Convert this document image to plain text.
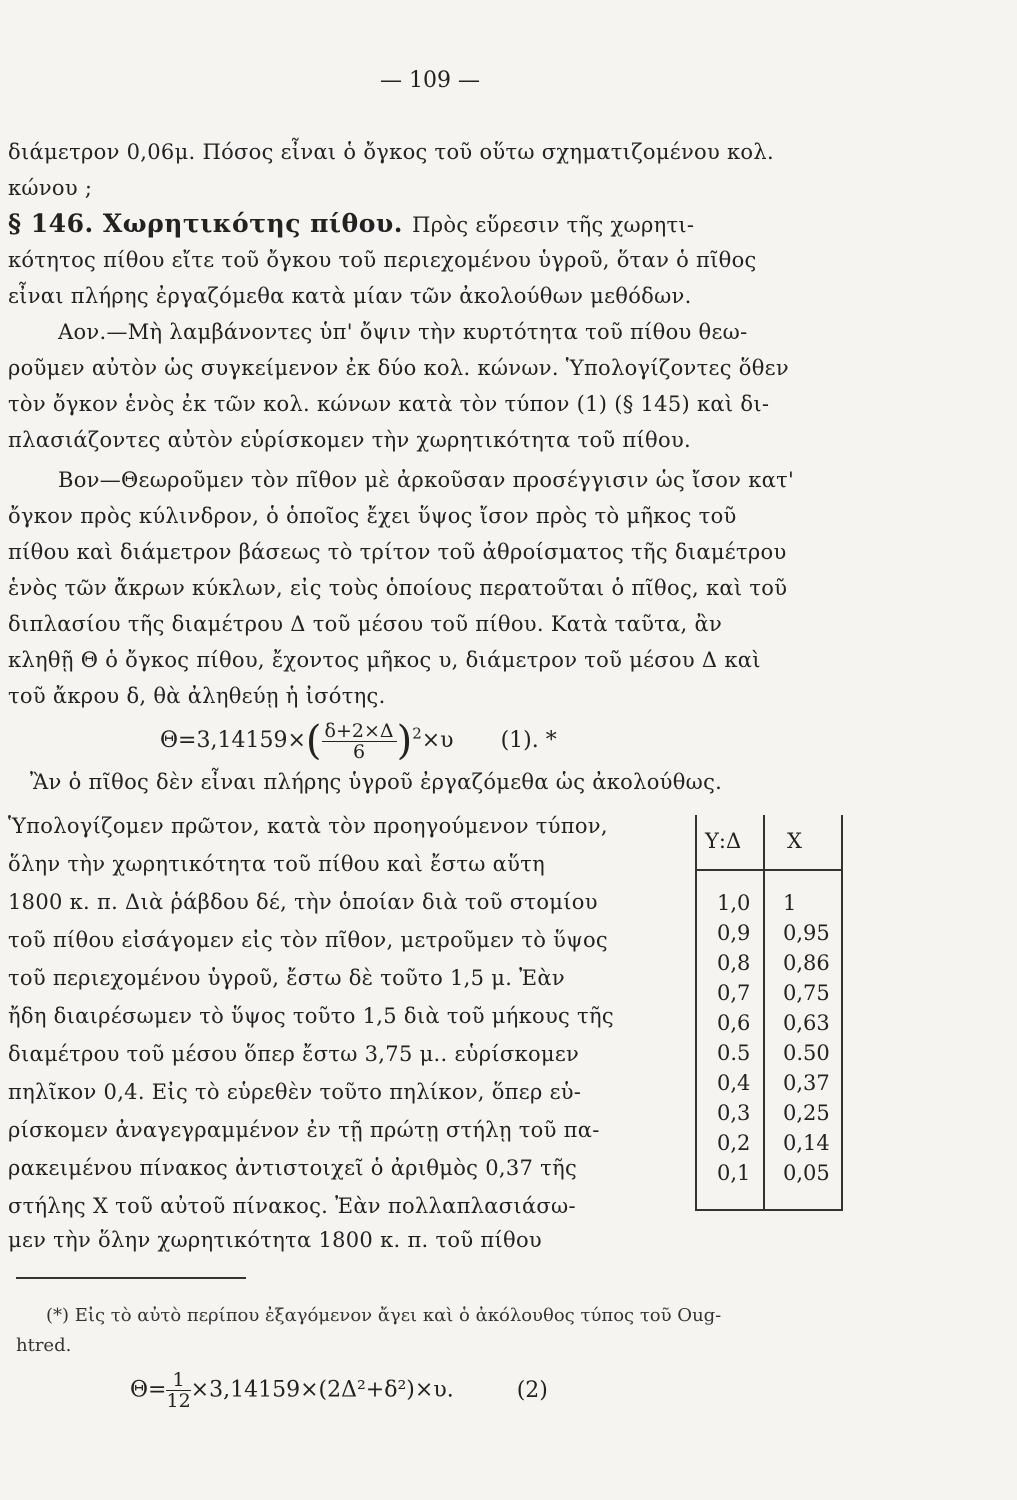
— 109 —
διάμετρον 0,06μ. Πόσος εἶναι ὁ ὄγκος τοῦ οὕτω σχηματιζομένου κολ.
κώνου ;
§ 146. Χωρητικότης πίθου. Πρὸς εὕρεσιν τῆς χωρητι-
κότητος πίθου εἴτε τοῦ ὄγκου τοῦ περιεχομένου ὑγροῦ, ὅταν ὁ πῖθος
εἶναι πλήρης ἐργαζόμεθα κατὰ μίαν τῶν ἀκολούθων μεθόδων.
Αον.—Μὴ λαμβάνοντες ὑπ' ὄψιν τὴν κυρτότητα τοῦ πίθου θεω-
ροῦμεν αὐτὸν ὡς συγκείμενον ἐκ δύο κολ. κώνων. Ὑπολογίζοντες ὅθεν
τὸν ὄγκον ἑνὸς ἐκ τῶν κολ. κώνων κατὰ τὸν τύπον (1) (§ 145) καὶ δι-
πλασιάζοντες αὐτὸν εὑρίσκομεν τὴν χωρητικότητα τοῦ πίθου.
Βον—Θεωροῦμεν τὸν πῖθον μὲ ἀρκοῦσαν προσέγγισιν ὡς ἴσον κατ'
ὄγκον πρὸς κύλινδρον, ὁ ὁποῖος ἔχει ὕψος ἴσον πρὸς τὸ μῆκος τοῦ
πίθου καὶ διάμετρον βάσεως τὸ τρίτον τοῦ ἀθροίσματος τῆς διαμέτρου
ἑνὸς τῶν ἄκρων κύκλων, εἰς τοὺς ὁποίους περατοῦται ὁ πῖθος, καὶ τοῦ
διπλασίου τῆς διαμέτρου Δ τοῦ μέσου τοῦ πίθου. Κατὰ ταῦτα, ἂν
κληθῇ Θ ὁ ὄγκος πίθου, ἔχοντος μῆκος υ, διάμετρον τοῦ μέσου Δ καὶ
τοῦ ἄκρου δ, θὰ ἀληθεύῃ ἡ ἰσότης.
$\Theta=3,14159\times( \frac{\delta+2\times\Delta}{6} )^2\times\upsilon$ (1). *
Ἂν ὁ πῖθος δὲν εἶναι πλήρης ὑγροῦ ἐργαζόμεθα ὡς ἀκολούθως.
Ὑπολογίζομεν πρῶτον, κατὰ τὸν προηγούμενον τύπον,
ὅλην τὴν χωρητικότητα τοῦ πίθου καὶ ἔστω αὕτη
1800 κ. π. Διὰ ῥάβδου δέ, τὴν ὁποίαν διὰ τοῦ στομίου
τοῦ πίθου εἰσάγομεν εἰς τὸν πῖθον, μετροῦμεν τὸ ὕψος
τοῦ περιεχομένου ὑγροῦ, ἔστω δὲ τοῦτο 1,5 μ. Ἐὰν
ἤδη διαιρέσωμεν τὸ ὕψος τοῦτο 1,5 διὰ τοῦ μήκους τῆς
διαμέτρου τοῦ μέσου ὅπερ ἔστω 3,75 μ.. εὑρίσκομεν
πηλῖκον 0,4. Εἰς τὸ εὑρεθὲν τοῦτο πηλίκον, ὅπερ εὑ-
ρίσκομεν ἀναγεγραμμένον ἐν τῇ πρώτῃ στήλῃ τοῦ πα-
ρακειμένου πίνακος ἀντιστοιχεῖ ὁ ἀριθμὸς 0,37 τῆς
στήλης Χ τοῦ αὐτοῦ πίνακος. Ἐὰν πολλαπλασιάσω-
μεν τὴν ὅλην χωρητικότητα 1800 κ. π. τοῦ πίθου
Υ:Δ Χ
1,0 1
0,9 0,95
0,8 0,86
0,7 0,75
0,6 0,63
0.5 0.50
0,4 0,37
0,3 0,25
0,2 0,14
0,1 0,05
(*) Εἰς τὸ αὐτὸ περίπου ἐξαγόμενον ἄγει καὶ ὁ ἀκόλουθος τύπος τοῦ Oug-
htred.
$\Theta= \frac{1}{12} \times 3,14159\times(2\Delta^2+\delta^2)\times\upsilon$.	(2)
